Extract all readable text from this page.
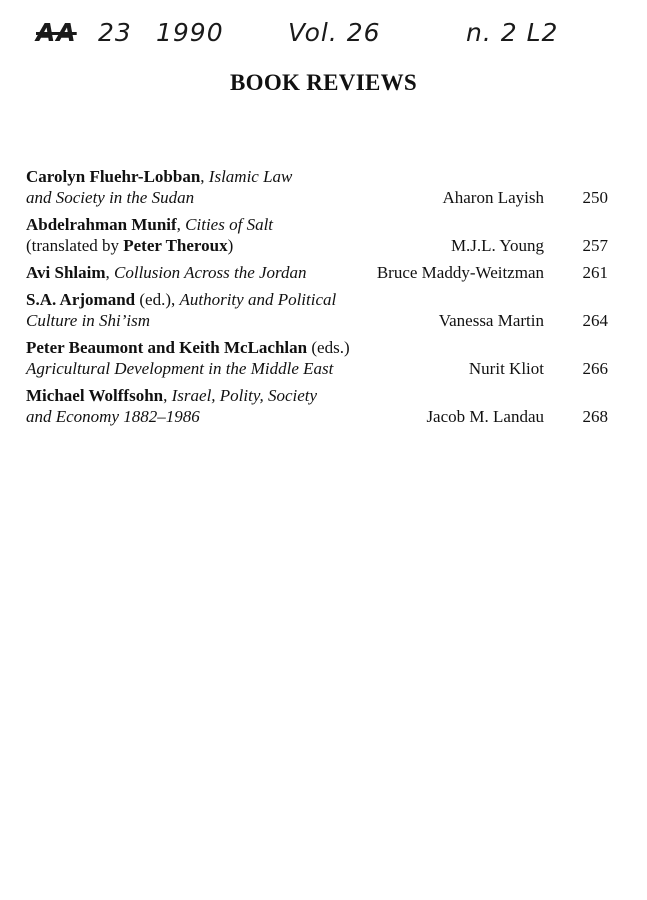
AA 23 1990	Vol. 26	n. 2 L2
BOOK REVIEWS
Carolyn Fluehr-Lobban, Islamic Law
and Society in the Sudan	Aharon Layish 250
Abdelrahman Munif, Cities of Salt
(translated by Peter Theroux)	M.J.L. Young 257
Avi Shlaim, Collusion Across the Jordan	Bruce Maddy-Weitzman 261
S.A. Arjomand (ed.), Authority and Political
Culture in Shi’ism	Vanessa Martin 264
Peter Beaumont and Keith McLachlan (eds.)
Agricultural Development in the Middle East	Nurit Kliot 266
Michael Wolffsohn, Israel, Polity, Society
and Economy 1882–1986	Jacob M. Landau 268
